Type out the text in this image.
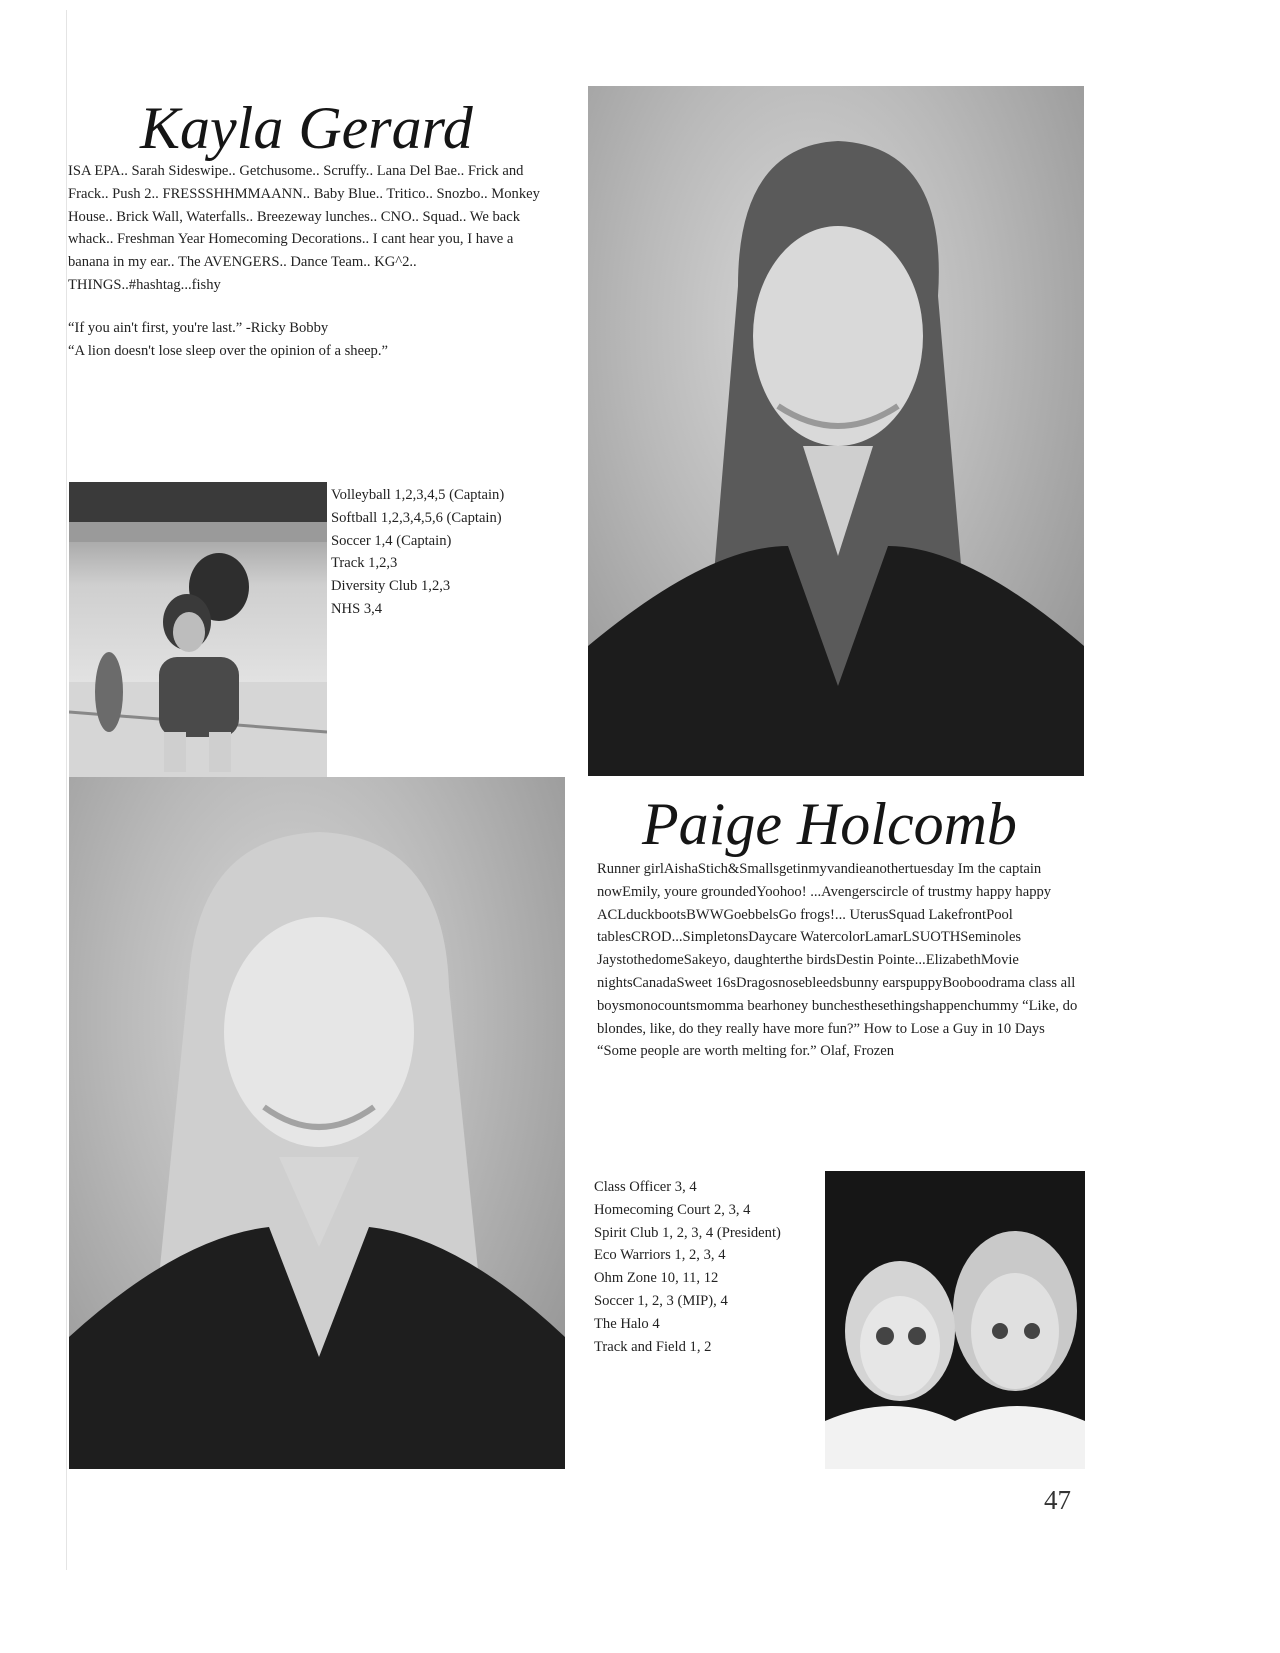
Kayla Gerard

ISA EPA.. Sarah Sideswipe.. Getchusome.. Scruffy.. Lana Del Bae.. Frick and Frack.. Push 2.. FRESSSHHMMAANN.. Baby Blue.. Tritico.. Snozbo.. Monkey House.. Brick Wall, Waterfalls.. Breezeway lunches.. CNO.. Squad.. We back whack.. Freshman Year Homecoming Decorations.. I cant hear you, I have a banana in my ear.. The AVENGERS.. Dance Team.. KG^2.. THINGS..#hashtag...fishy

“If you ain't first, you're last.” -Ricky Bobby

“A lion doesn't lose sleep over the opinion of a sheep.”

Volleyball 1,2,3,4,5 (Captain)
Softball 1,2,3,4,5,6 (Captain)
Soccer 1,4 (Captain)
Track 1,2,3
Diversity Club 1,2,3
NHS 3,4
Paige Holcomb

Runner girlAishaStich&Smallsgetinmyvandieanothertuesday Im the captain nowEmily, youre groundedYoohoo! ...Avengerscircle of trustmy happy happy ACLduckbootsBWWGoebbelsGo frogs!... UterusSquad LakefrontPool tablesCROD...SimpletonsDaycare WatercolorLamarLSUOTHSeminoles JaystothedomeSakeyo, daughterthe birdsDestin Pointe...ElizabethMovie nightsCanadaSweet 16sDragosnosebleedsbunny earspuppyBooboodrama class all boysmonocountsmomma bearhoney bunchesthesethingshappenchummy “Like, do blondes, like, do they really have more fun?” How to Lose a Guy in 10 Days

“Some people are worth melting for.” Olaf, Frozen

Class Officer 3, 4
Homecoming Court 2, 3, 4
Spirit Club 1, 2, 3, 4 (President)
Eco Warriors 1, 2, 3, 4
Ohm Zone 10, 11, 12
Soccer 1, 2, 3 (MIP), 4
The Halo 4
Track and Field 1, 2
47
